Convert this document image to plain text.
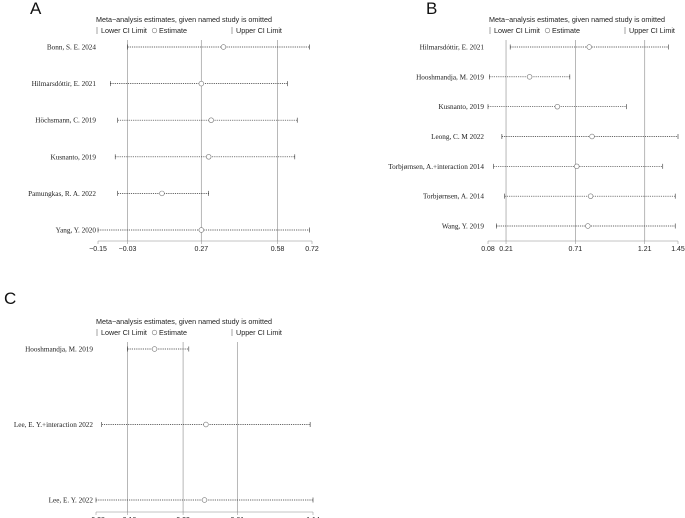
A
Meta−analysis estimates, given named study is omitted
Lower CI Limit Estimate	Upper CI Limit
Bonn, S. E. 2024
Hilmarsdóttir, E. 2021
Höchsmann, C. 2019
Kusnanto, 2019
Pamungkas, R. A. 2022
Yang, Y. 2020
−0.15 −0.03	0.27	0.58	0.72
B
Meta−analysis estimates, given named study is omitted
Lower CI Limit Estimate	Upper CI Limit
Hilmarsdóttir, E. 2021
Hooshmandja, M. 2019
Kusnanto, 2019
Leong, C. M 2022
Torbjørnsen, A.+interaction 2014
Torbjørnsen, A. 2014
Wang, Y. 2019
0.08 0.21	0.71	1.21	1.45
C
Meta−analysis estimates, given named study is omitted
Lower CI Limit Estimate	Upper CI Limit
Hooshmandja, M. 2019
Lee, E. Y.+interaction 2022
Lee, E. Y. 2022
